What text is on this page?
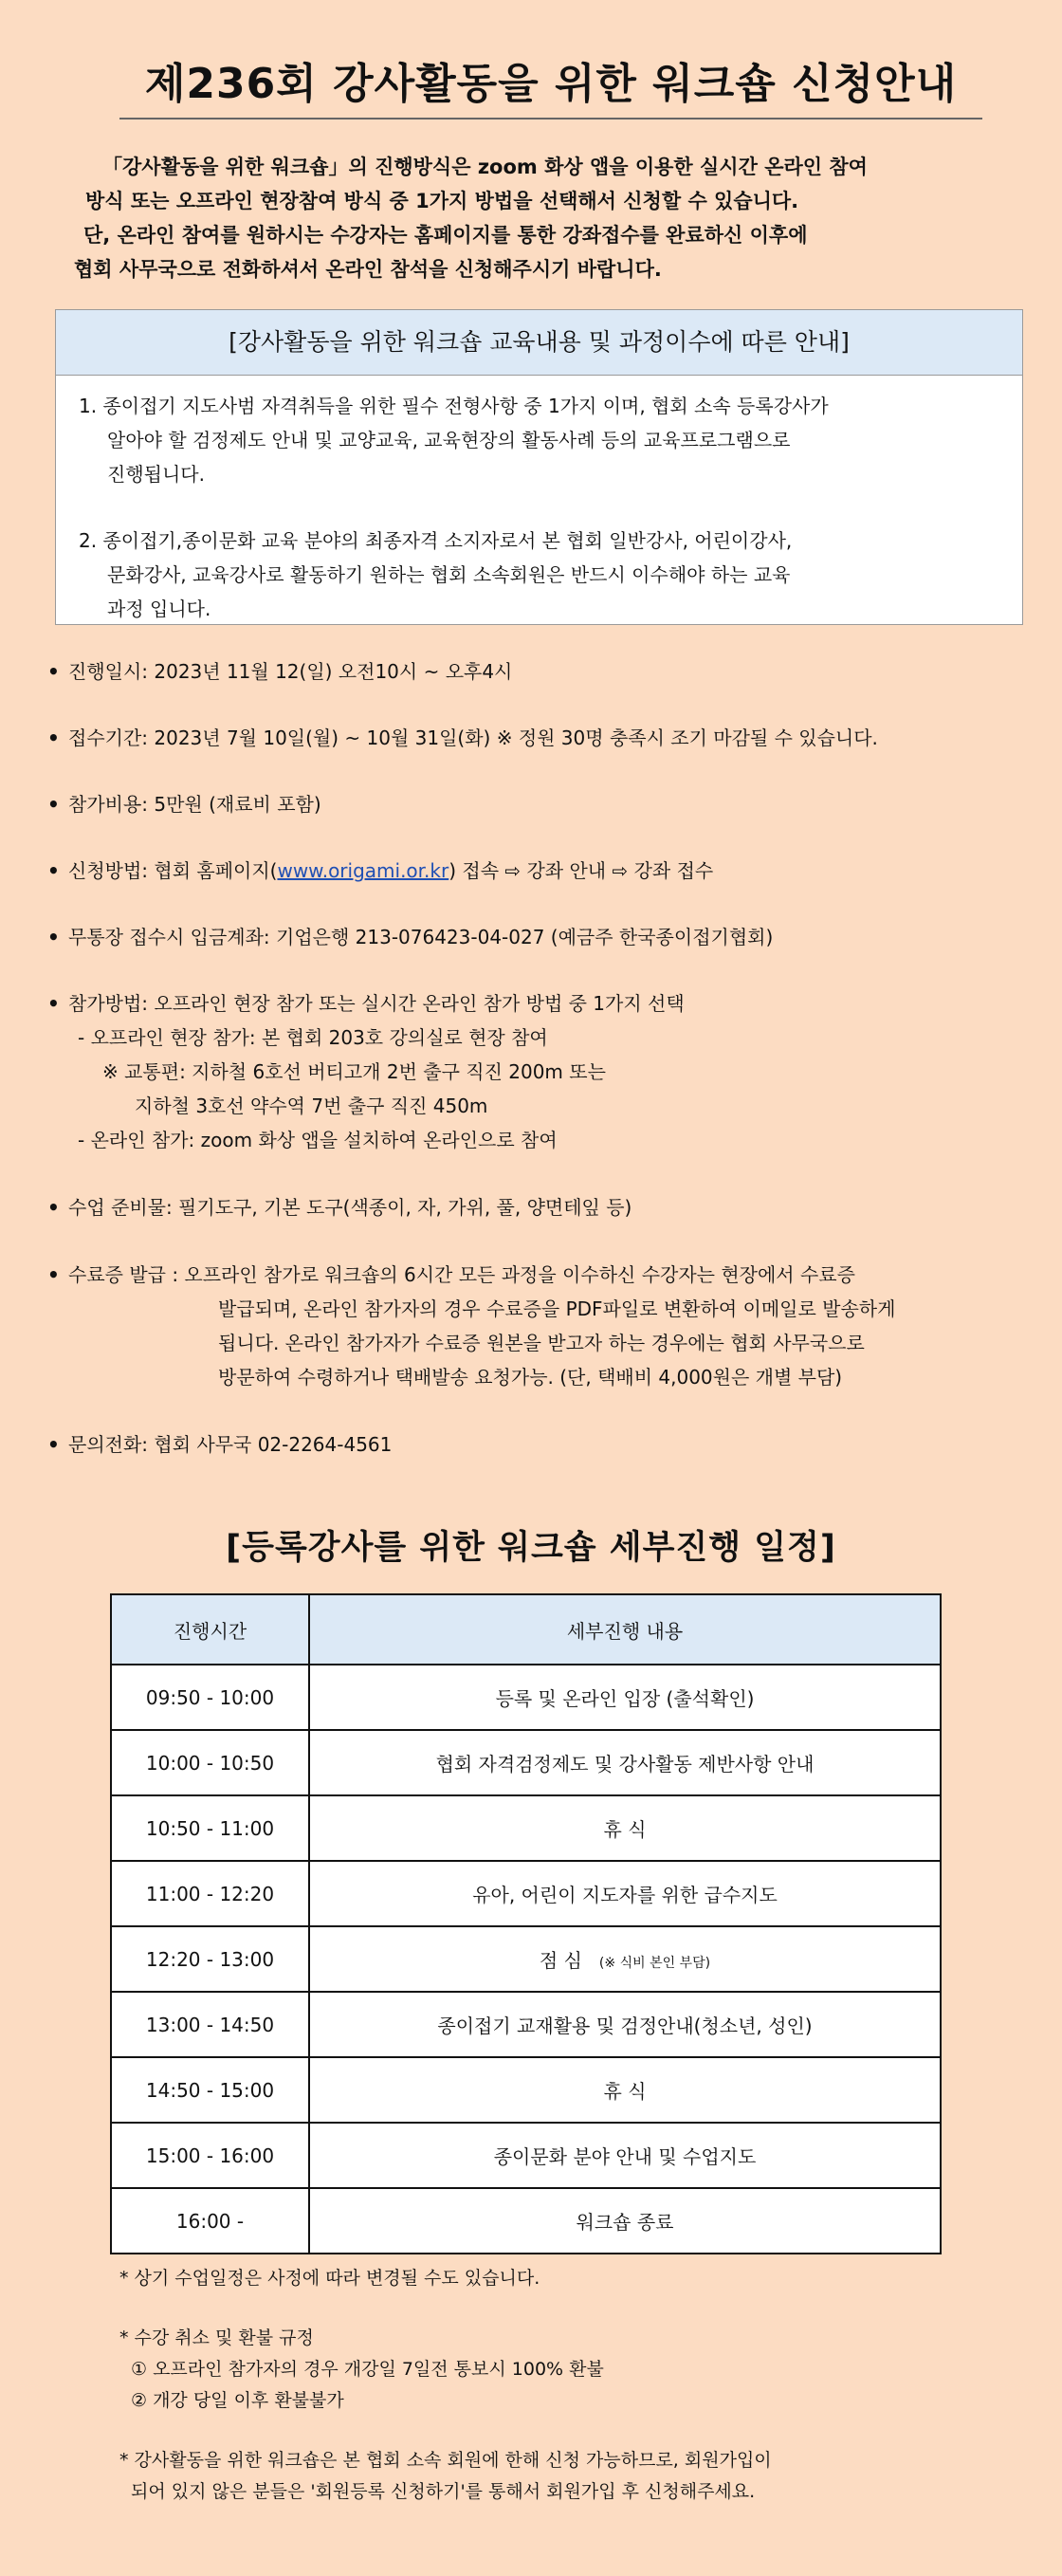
제236회 강사활동을 위한 워크숍 신청안내
「강사활동을 위한 워크숍」의 진행방식은 zoom 화상 앱을 이용한 실시간 온라인 참여
방식 또는 오프라인 현장참여 방식 중 1가지 방법을 선택해서 신청할 수 있습니다.
단, 온라인 참여를 원하시는 수강자는 홈페이지를 통한 강좌접수를 완료하신 이후에
협회 사무국으로 전화하셔서 온라인 참석을 신청해주시기 바랍니다.
[강사활동을 위한 워크숍 교육내용 및 과정이수에 따른 안내]
1. 종이접기 지도사범 자격취득을 위한 필수 전형사항 중 1가지 이며, 협회 소속 등록강사가
알아야 할 검정제도 안내 및 교양교육, 교육현장의 활동사례 등의 교육프로그램으로
진행됩니다.
2. 종이접기,종이문화 교육 분야의 최종자격 소지자로서 본 협회 일반강사, 어린이강사,
문화강사, 교육강사로 활동하기 원하는 협회 소속회원은 반드시 이수해야 하는 교육
과정 입니다.
• 진행일시: 2023년 11월 12(일) 오전10시 ~ 오후4시
• 접수기간: 2023년 7월 10일(월) ~ 10월 31일(화) ※ 정원 30명 충족시 조기 마감될 수 있습니다.
• 참가비용: 5만원 (재료비 포함)
• 신청방법: 협회 홈페이지(www.origami.or.kr) 접속 ⇨ 강좌 안내 ⇨ 강좌 접수
• 무통장 접수시 입금계좌: 기업은행 213-076423-04-027 (예금주 한국종이접기협회)
• 참가방법: 오프라인 현장 참가 또는 실시간 온라인 참가 방법 중 1가지 선택
- 오프라인 현장 참가: 본 협회 203호 강의실로 현장 참여
※ 교통편: 지하철 6호선 버티고개 2번 출구 직진 200m 또는
지하철 3호선 약수역 7번 출구 직진 450m
- 온라인 참가: zoom 화상 앱을 설치하여 온라인으로 참여
• 수업 준비물: 필기도구, 기본 도구(색종이, 자, 가위, 풀, 양면테잎 등)
• 수료증 발급 : 오프라인 참가로 워크숍의 6시간 모든 과정을 이수하신 수강자는 현장에서 수료증
발급되며, 온라인 참가자의 경우 수료증을 PDF파일로 변환하여 이메일로 발송하게
됩니다. 온라인 참가자가 수료증 원본을 받고자 하는 경우에는 협회 사무국으로
방문하여 수령하거나 택배발송 요청가능. (단, 택배비 4,000원은 개별 부담)
• 문의전화: 협회 사무국 02-2264-4561
[등록강사를 위한 워크숍 세부진행 일정]
진행시간	세부진행 내용
09:50 - 10:00	등록 및 온라인 입장 (출석확인)
10:00 - 10:50	협회 자격검정제도 및 강사활동 제반사항 안내
10:50 - 11:00	휴 식
11:00 - 12:20	유아, 어린이 지도자를 위한 급수지도
12:20 - 13:00	점 심 (※ 식비 본인 부담)
13:00 - 14:50	종이접기 교재활용 및 검정안내(청소년, 성인)
14:50 - 15:00	휴 식
15:00 - 16:00	종이문화 분야 안내 및 수업지도
16:00 -	워크숍 종료
* 상기 수업일정은 사정에 따라 변경될 수도 있습니다.
* 수강 취소 및 환불 규정
① 오프라인 참가자의 경우 개강일 7일전 통보시 100% 환불
② 개강 당일 이후 환불불가
* 강사활동을 위한 워크숍은 본 협회 소속 회원에 한해 신청 가능하므로, 회원가입이
되어 있지 않은 분들은 '회원등록 신청하기'를 통해서 회원가입 후 신청해주세요.
